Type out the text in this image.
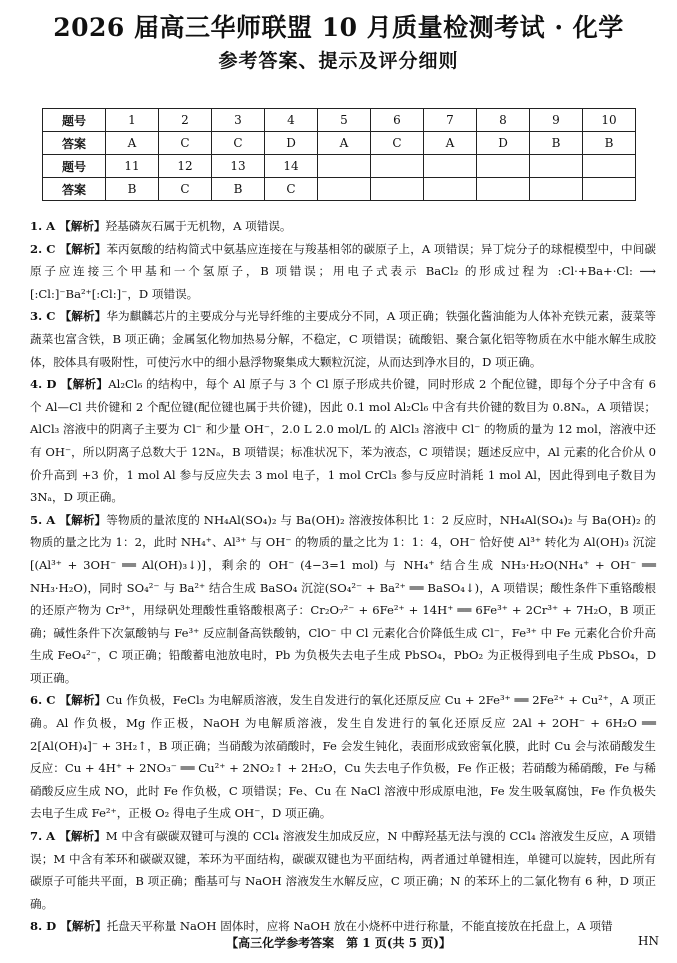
2026 届高三华师联盟 10 月质量检测考试 · 化学
参考答案、提示及评分细则
题号	1	2	3	4	5	6	7	8	9	10
答案	A	C	C	D	A	C	A	D	B	B
题号	11	12	13	14						
答案	B	C	B	C						

1. A 【解析】羟基磷灰石属于无机物，A 项错误。

2. C 【解析】苯丙氨酸的结构简式中氨基应连接在与羧基相邻的碳原子上，A 项错误；异丁烷分子的球棍模型中，中间碳原子应连接三个甲基和一个氢原子，B 项错误；用电子式表示 BaCl₂ 的形成过程为 :Cl·+Ba+·Cl: ⟶ [:Cl:]⁻Ba²⁺[:Cl:]⁻，D 项错误。

3. C 【解析】华为麒麟芯片的主要成分与光导纤维的主要成分不同，A 项正确；铁强化酱油能为人体补充铁元素，菠菜等蔬菜也富含铁，B 项正确；金属氢化物加热易分解，不稳定，C 项错误；硫酸铝、聚合氯化铝等物质在水中能水解生成胶体，胶体具有吸附性，可使污水中的细小悬浮物聚集成大颗粒沉淀，从而达到净水目的，D 项正确。

4. D 【解析】Al₂Cl₆ 的结构中，每个 Al 原子与 3 个 Cl 原子形成共价键，同时形成 2 个配位键，即每个分子中含有 6 个 Al—Cl 共价键和 2 个配位键(配位键也属于共价键)，因此 0.1 mol Al₂Cl₆ 中含有共价键的数目为 0.8Nₐ，A 项错误；AlCl₃ 溶液中的阴离子主要为 Cl⁻ 和少量 OH⁻，2.0 L 2.0 mol/L 的 AlCl₃ 溶液中 Cl⁻ 的物质的量为 12 mol，溶液中还有 OH⁻，所以阴离子总数大于 12Nₐ，B 项错误；标准状况下，苯为液态，C 项错误；题述反应中，Al 元素的化合价从 0 价升高到 +3 价，1 mol Al 参与反应失去 3 mol 电子，1 mol CrCl₃ 参与反应时消耗 1 mol Al，因此得到电子数目为 3Nₐ，D 项正确。

5. A 【解析】等物质的量浓度的 NH₄Al(SO₄)₂ 与 Ba(OH)₂ 溶液按体积比 1：2 反应时，NH₄Al(SO₄)₂ 与 Ba(OH)₂ 的物质的量之比为 1：2，此时 NH₄⁺、Al³⁺ 与 OH⁻ 的物质的量之比为 1：1：4，OH⁻ 恰好使 Al³⁺ 转化为 Al(OH)₃ 沉淀[(Al³⁺ + 3OH⁻ ══ Al(OH)₃↓)]，剩余的 OH⁻ (4−3=1 mol) 与 NH₄⁺ 结合生成 NH₃·H₂O(NH₄⁺ + OH⁻ ══ NH₃·H₂O)，同时 SO₄²⁻ 与 Ba²⁺ 结合生成 BaSO₄ 沉淀(SO₄²⁻ + Ba²⁺ ══ BaSO₄↓)，A 项错误；酸性条件下重铬酸根的还原产物为 Cr³⁺，用绿矾处理酸性重铬酸根离子：Cr₂O₇²⁻ + 6Fe²⁺ + 14H⁺ ══ 6Fe³⁺ + 2Cr³⁺ + 7H₂O，B 项正确；碱性条件下次氯酸钠与 Fe³⁺ 反应制备高铁酸钠，ClO⁻ 中 Cl 元素化合价降低生成 Cl⁻，Fe³⁺ 中 Fe 元素化合价升高生成 FeO₄²⁻，C 项正确；铅酸蓄电池放电时，Pb 为负极失去电子生成 PbSO₄，PbO₂ 为正极得到电子生成 PbSO₄，D 项正确。

6. C 【解析】Cu 作负极，FeCl₃ 为电解质溶液，发生自发进行的氧化还原反应 Cu + 2Fe³⁺ ══ 2Fe²⁺ + Cu²⁺，A 项正确。Al 作负极，Mg 作正极，NaOH 为电解质溶液，发生自发进行的氧化还原反应 2Al + 2OH⁻ + 6H₂O ══ 2[Al(OH)₄]⁻ + 3H₂↑，B 项正确；当硝酸为浓硝酸时，Fe 会发生钝化，表面形成致密氧化膜，此时 Cu 会与浓硝酸发生反应：Cu + 4H⁺ + 2NO₃⁻ ══ Cu²⁺ + 2NO₂↑ + 2H₂O，Cu 失去电子作负极，Fe 作正极；若硝酸为稀硝酸，Fe 与稀硝酸反应生成 NO，此时 Fe 作负极，C 项错误；Fe、Cu 在 NaCl 溶液中形成原电池，Fe 发生吸氧腐蚀，Fe 作负极失去电子生成 Fe²⁺，正极 O₂ 得电子生成 OH⁻，D 项正确。

7. A 【解析】M 中含有碳碳双键可与溴的 CCl₄ 溶液发生加成反应，N 中醇羟基无法与溴的 CCl₄ 溶液发生反应，A 项错误；M 中含有苯环和碳碳双键，苯环为平面结构，碳碳双键也为平面结构，两者通过单键相连，单键可以旋转，因此所有碳原子可能共平面，B 项正确；酯基可与 NaOH 溶液发生水解反应，C 项正确；N 的苯环上的二氯化物有 6 种，D 项正确。

8. D 【解析】托盘天平称量 NaOH 固体时，应将 NaOH 放在小烧杯中进行称量，不能直接放在托盘上，A 项错

【高三化学参考答案　第 1 页(共 5 页)】	HN
